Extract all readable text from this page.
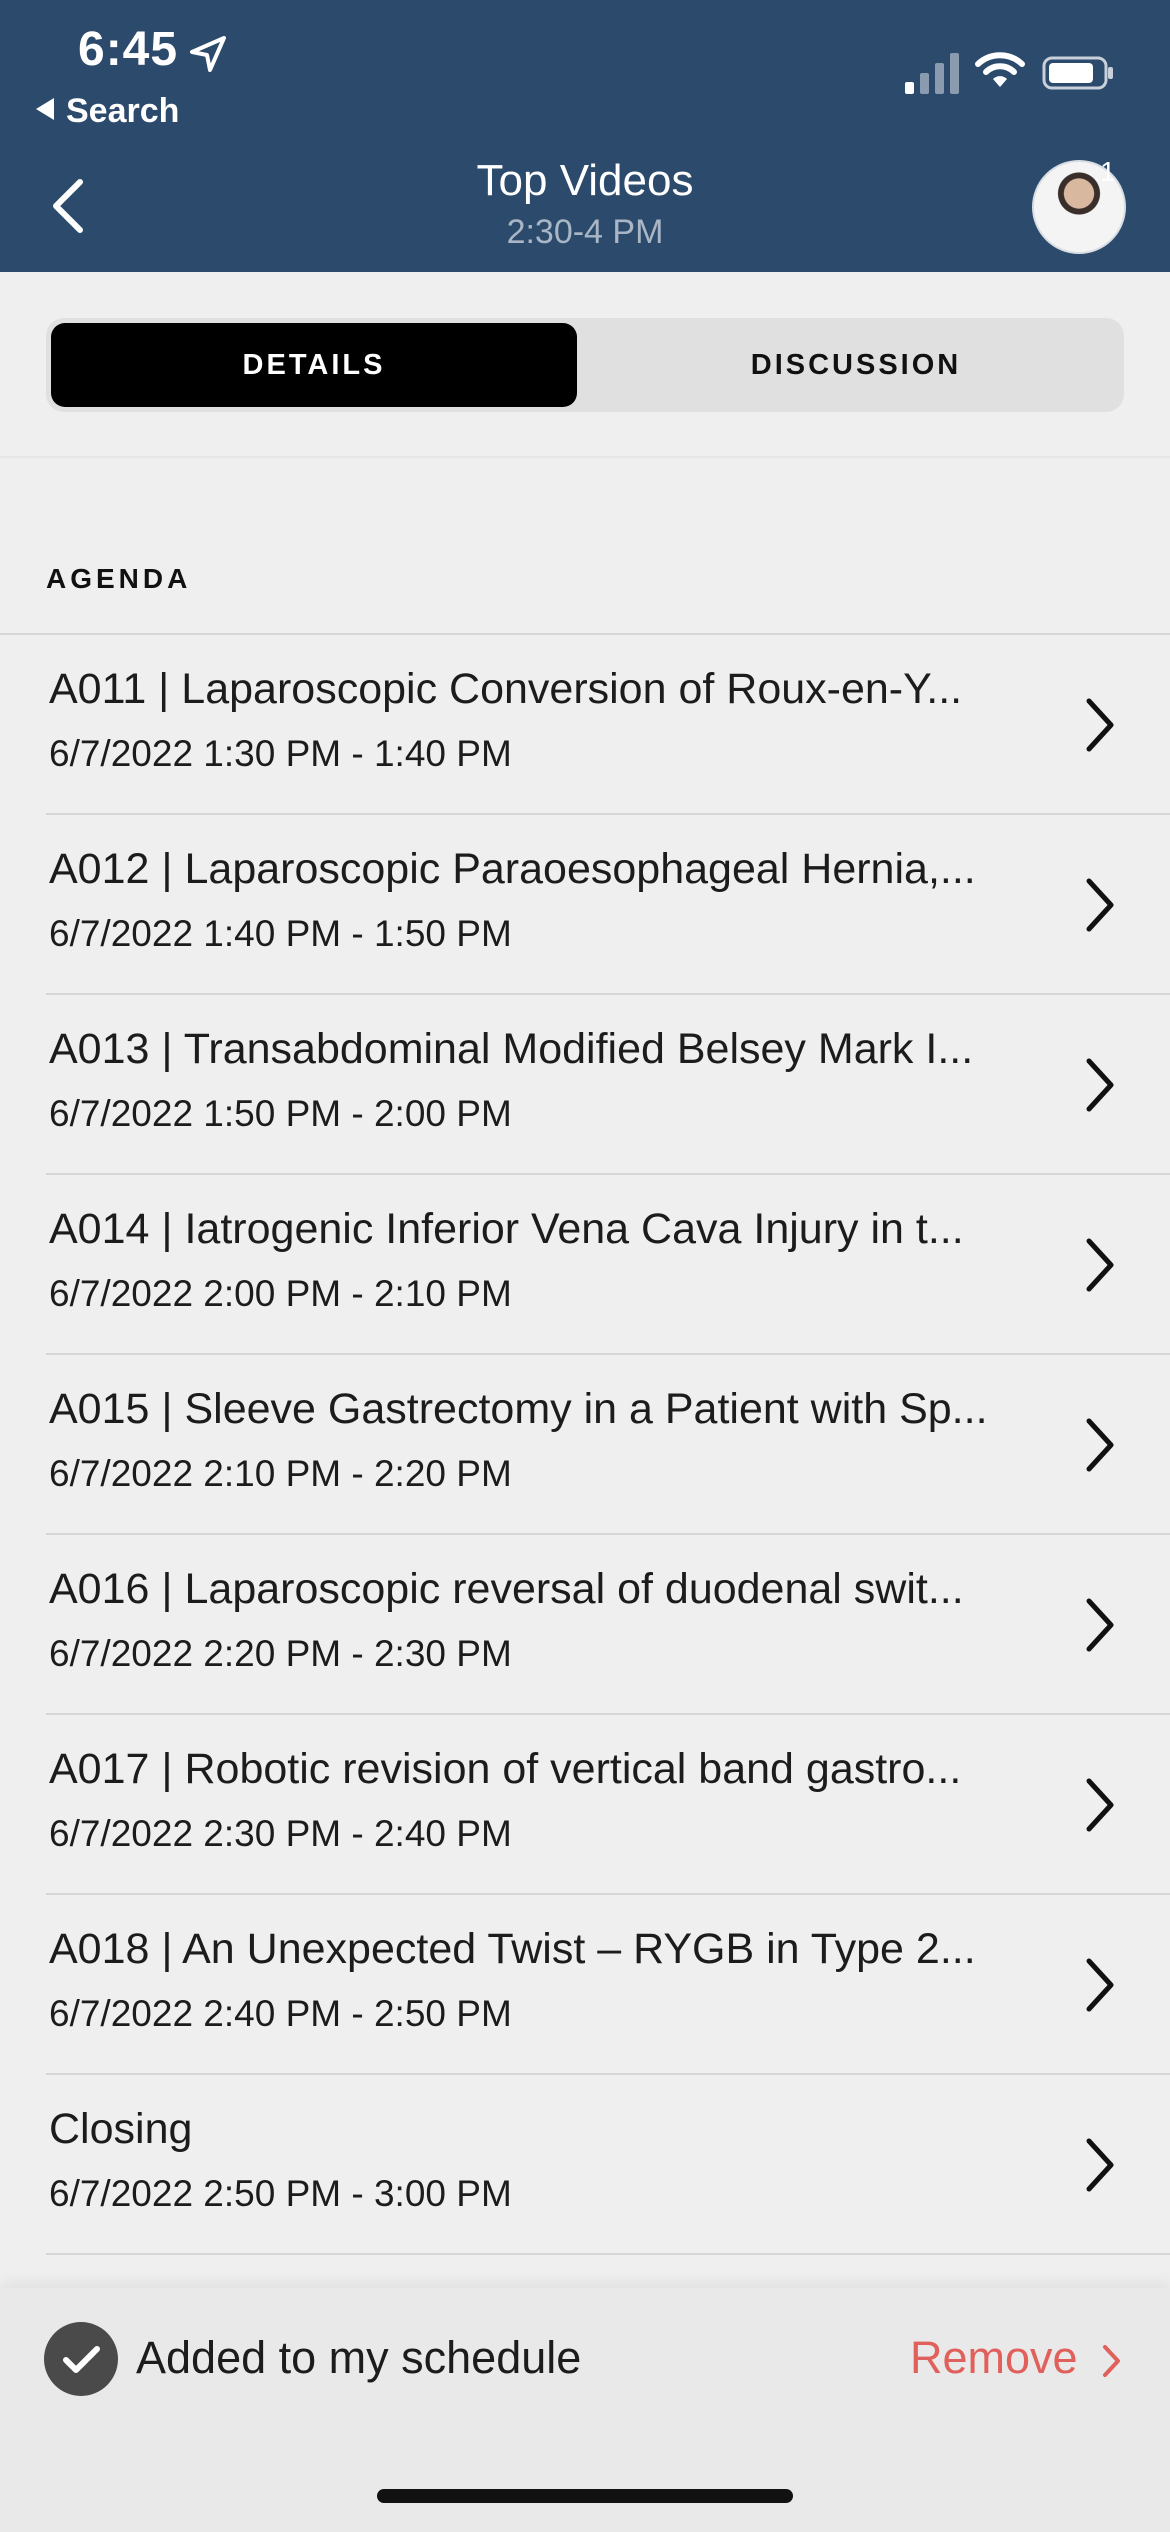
6:45
Search
Top Videos
2:30-4 PM
1
DETAILS	DISCUSSION
AGENDA
A011 | Laparoscopic Conversion of Roux-en-Y...
6/7/2022 1:30 PM - 1:40 PM
A012 | Laparoscopic Paraoesophageal Hernia,...
6/7/2022 1:40 PM - 1:50 PM
A013 | Transabdominal Modified Belsey Mark I...
6/7/2022 1:50 PM - 2:00 PM
A014 | Iatrogenic Inferior Vena Cava Injury in t...
6/7/2022 2:00 PM - 2:10 PM
A015 | Sleeve Gastrectomy in a Patient with Sp...
6/7/2022 2:10 PM - 2:20 PM
A016 | Laparoscopic reversal of duodenal swit...
6/7/2022 2:20 PM - 2:30 PM
A017 | Robotic revision of vertical band gastro...
6/7/2022 2:30 PM - 2:40 PM
A018 | An Unexpected Twist – RYGB in Type 2...
6/7/2022 2:40 PM - 2:50 PM
Closing
6/7/2022 2:50 PM - 3:00 PM
Added to my schedule	Remove
